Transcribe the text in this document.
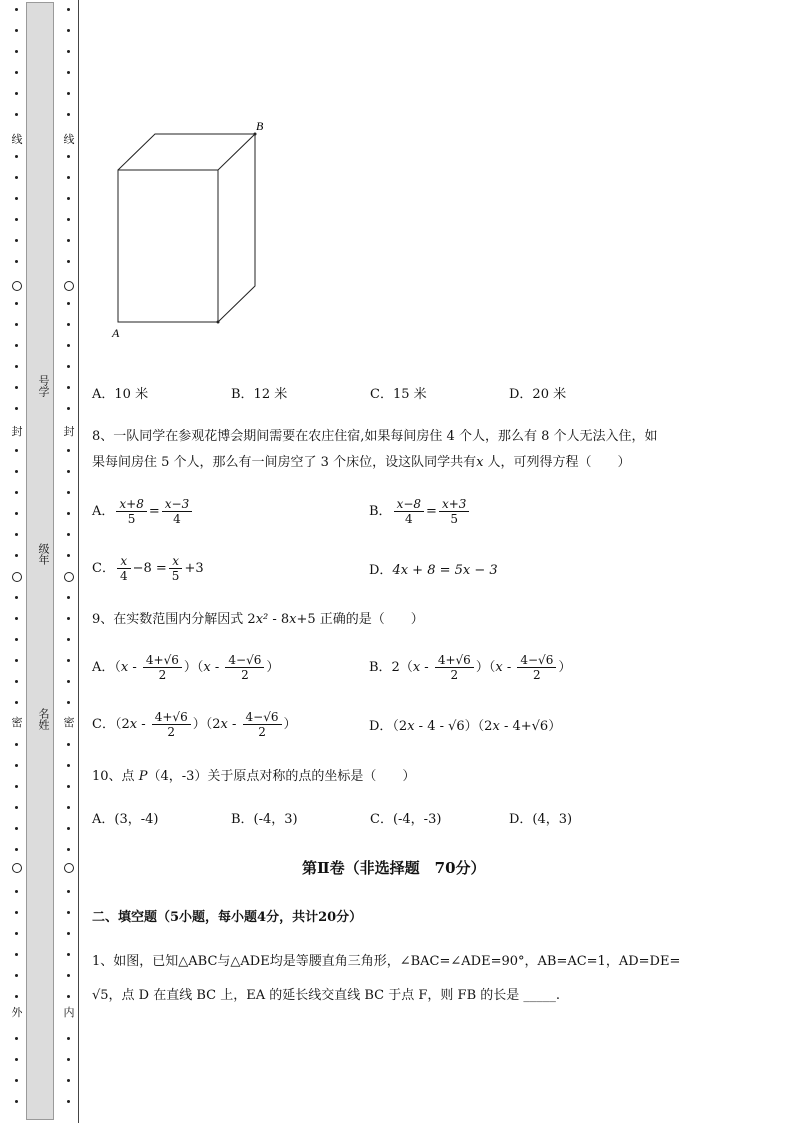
线
封
密
外
号学
级年
名姓
线
封
密
内
B
A
A．10 米	B．12 米	C．15 米	D．20 米
8、一队同学在参观花博会期间需要在农庄住宿,如果每间房住 4 个人，那么有 8 个人无法入住，如
果每间房住 5 个人，那么有一间房空了 3 个床位，设这队同学共有x 人，可列得方程（　　）
A． $\frac{x+8}{5} = \frac{x-3}{4}$	B． $\frac{x-8}{4} = \frac{x+3}{5}$
C． $\frac{x}{4} -8 = \frac{x}{5} +3$	D．4x + 8 = 5x − 3
9、在实数范围内分解因式 2x² - 8x+5 正确的是（　　）
A．$(x - \frac{4+√6}{2} )(x - \frac{4-√6}{2}$ ）	B．$2(x - \frac{4+√6}{2} )(x - \frac{4-√6}{2}$ ）
C．$(2x - \frac{4+√6}{2} )(2x - \frac{4-√6}{2}$ ）	D．（2x - 4 - √6）（2x - 4+√6）
10、点 P（4，-3）关于原点对称的点的坐标是（　　）
A．(3，-4)	B．(-4，3)	C．(-4，-3)	D．(4，3)
第Ⅱ卷（非选择题　70分）
二、填空题（5小题，每小题4分，共计20分）
1、如图，已知△ABC与△ADE均是等腰直角三角形，∠BAC=∠ADE=90°，AB=AC=1，AD=DE=
√5，点 D 在直线 BC 上，EA 的延长线交直线 BC 于点 F，则 FB 的长是 _____.
